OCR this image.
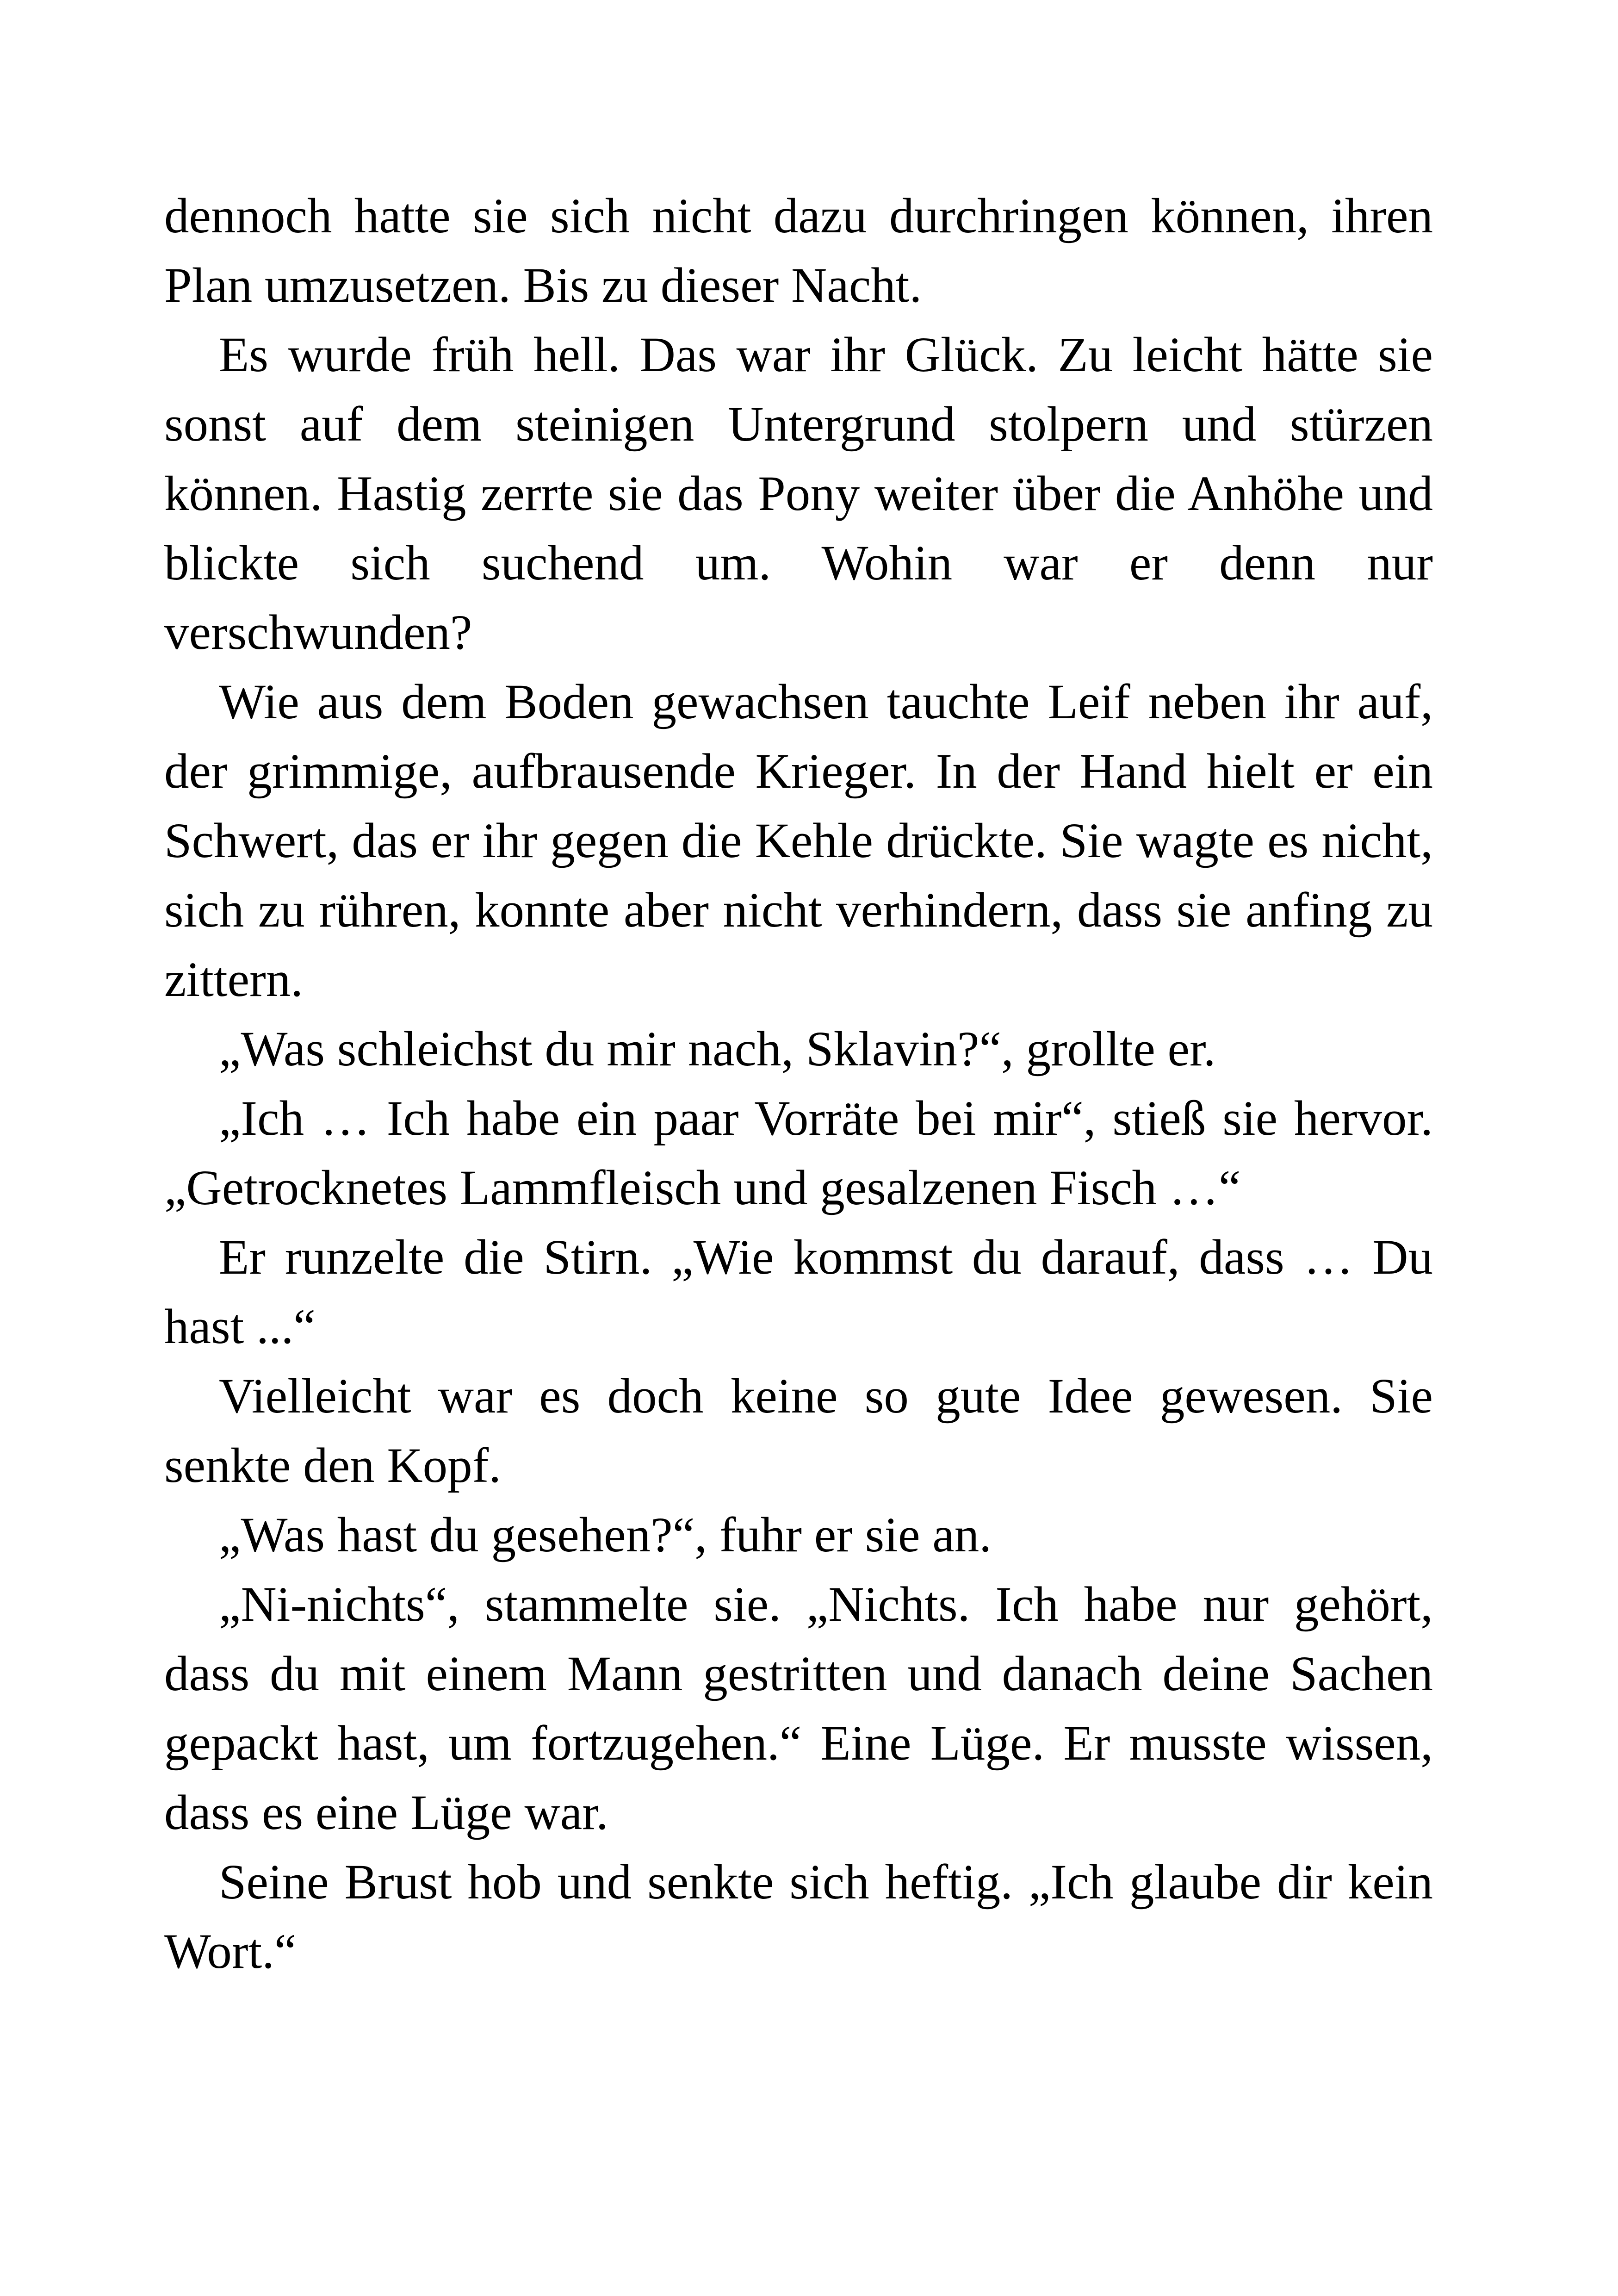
dennoch hatte sie sich nicht dazu durchringen können, ihren Plan umzusetzen. Bis zu dieser Nacht.

Es wurde früh hell. Das war ihr Glück. Zu leicht hätte sie sonst auf dem steinigen Untergrund stolpern und stürzen können. Hastig zerrte sie das Pony weiter über die Anhöhe und blickte sich suchend um. Wohin war er denn nur verschwunden?

Wie aus dem Boden gewachsen tauchte Leif neben ihr auf, der grimmige, aufbrausende Krieger. In der Hand hielt er ein Schwert, das er ihr gegen die Kehle drückte. Sie wagte es nicht, sich zu rühren, konnte aber nicht verhindern, dass sie anfing zu zittern.

„Was schleichst du mir nach, Sklavin?“, grollte er.

„Ich … Ich habe ein paar Vorräte bei mir“, stieß sie hervor. „Getrocknetes Lammfleisch und gesalzenen Fisch …“

Er runzelte die Stirn. „Wie kommst du darauf, dass … Du hast ...“

Vielleicht war es doch keine so gute Idee gewesen. Sie senkte den Kopf.

„Was hast du gesehen?“, fuhr er sie an.

„Ni-nichts“, stammelte sie. „Nichts. Ich habe nur gehört, dass du mit einem Mann gestritten und danach deine Sachen gepackt hast, um fortzugehen.“ Eine Lüge. Er musste wissen, dass es eine Lüge war.

Seine Brust hob und senkte sich heftig. „Ich glaube dir kein Wort.“
